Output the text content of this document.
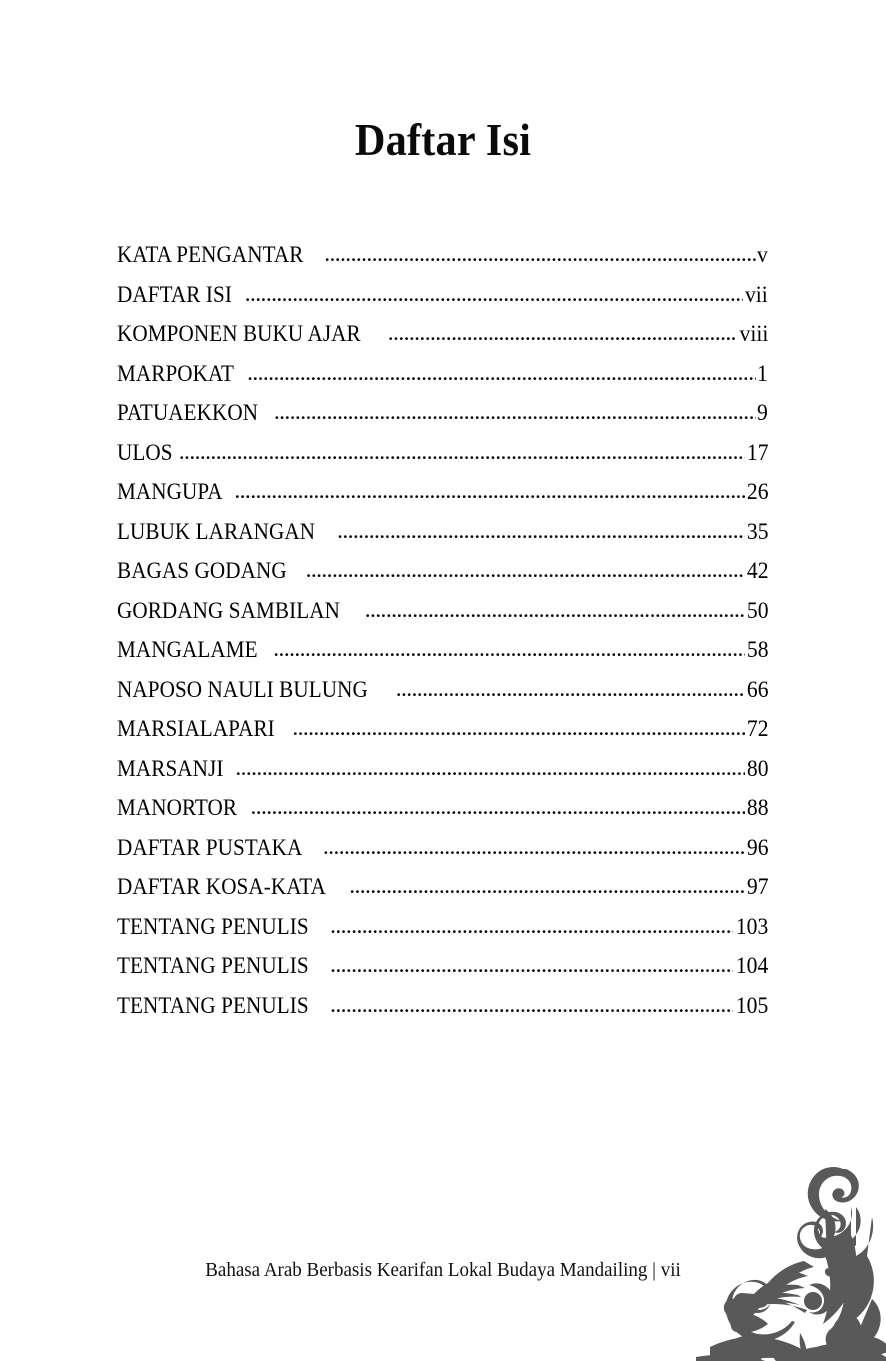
Daftar Isi
KATA PENGANTAR .....	v
DAFTAR ISI .....	vii
KOMPONEN BUKU AJAR .....	viii
MARPOKAT .....	1
PATUAEKKON .....	9
ULOS .....	17
MANGUPA .....	26
LUBUK LARANGAN .....	35
BAGAS GODANG .....	42
GORDANG SAMBILAN .....	50
MANGALAME .....	58
NAPOSO NAULI BULUNG .....	66
MARSIALAPARI .....	72
MARSANJI .....	80
MANORTOR .....	88
DAFTAR PUSTAKA .....	96
DAFTAR KOSA-KATA .....	97
TENTANG PENULIS .....	103
TENTANG PENULIS .....	104
TENTANG PENULIS .....	105
Bahasa Arab Berbasis Kearifan Lokal Budaya Mandailing | vii
